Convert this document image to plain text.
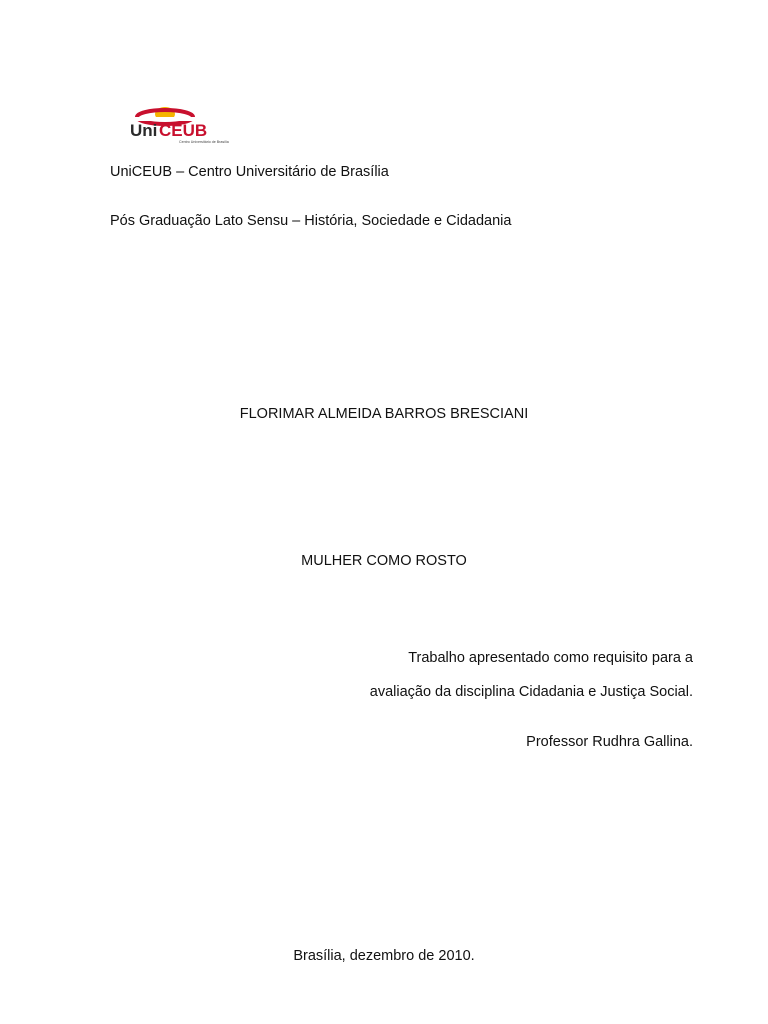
Uni CEUB
Centro Universitário de Brasília
UniCEUB – Centro Universitário de Brasília
Pós Graduação Lato Sensu – História, Sociedade e Cidadania
FLORIMAR ALMEIDA BARROS BRESCIANI
MULHER COMO ROSTO
Trabalho apresentado como requisito para a
avaliação da disciplina Cidadania e Justiça Social.
Professor Rudhra Gallina.
Brasília, dezembro de 2010.
